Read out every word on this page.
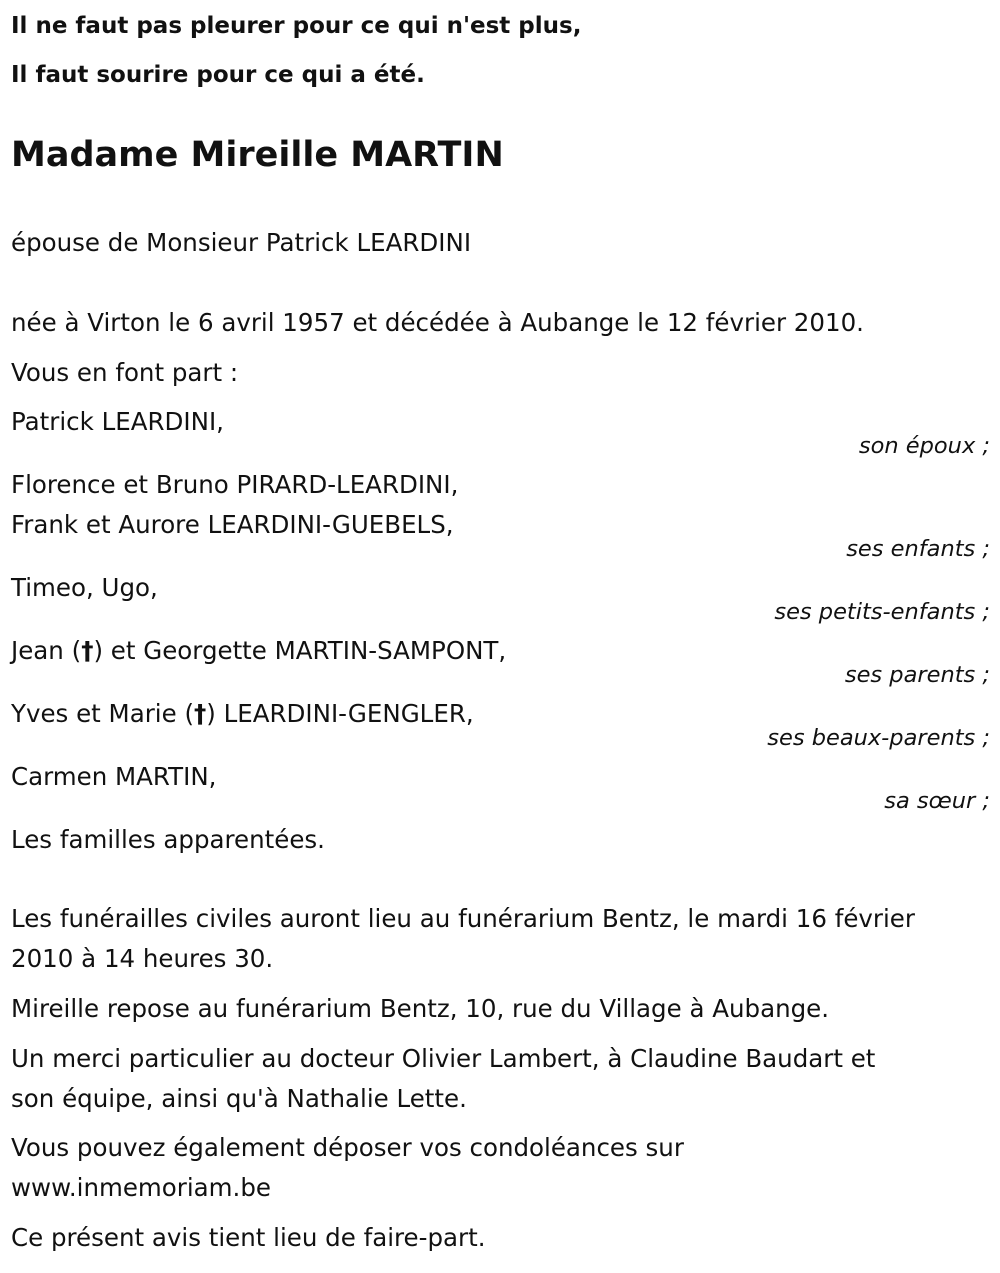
Il ne faut pas pleurer pour ce qui n'est plus,
Il faut sourire pour ce qui a été.
Madame Mireille MARTIN
épouse de Monsieur Patrick LEARDINI
née à Virton le 6 avril 1957 et décédée à Aubange le 12 février 2010.
Vous en font part :
Patrick LEARDINI,
son époux ;
Florence et Bruno PIRARD-LEARDINI,
Frank et Aurore LEARDINI-GUEBELS,
ses enfants ;
Timeo, Ugo,
ses petits-enfants ;
Jean (†) et Georgette MARTIN-SAMPONT,
ses parents ;
Yves et Marie (†) LEARDINI-GENGLER,
ses beaux-parents ;
Carmen MARTIN,
sa sœur ;
Les familles apparentées.
Les funérailles civiles auront lieu au funérarium Bentz, le mardi 16 février
2010 à 14 heures 30.
Mireille repose au funérarium Bentz, 10, rue du Village à Aubange.
Un merci particulier au docteur Olivier Lambert, à Claudine Baudart et
son équipe, ainsi qu'à Nathalie Lette.
Vous pouvez également déposer vos condoléances sur
www.inmemoriam.be
Ce présent avis tient lieu de faire-part.
